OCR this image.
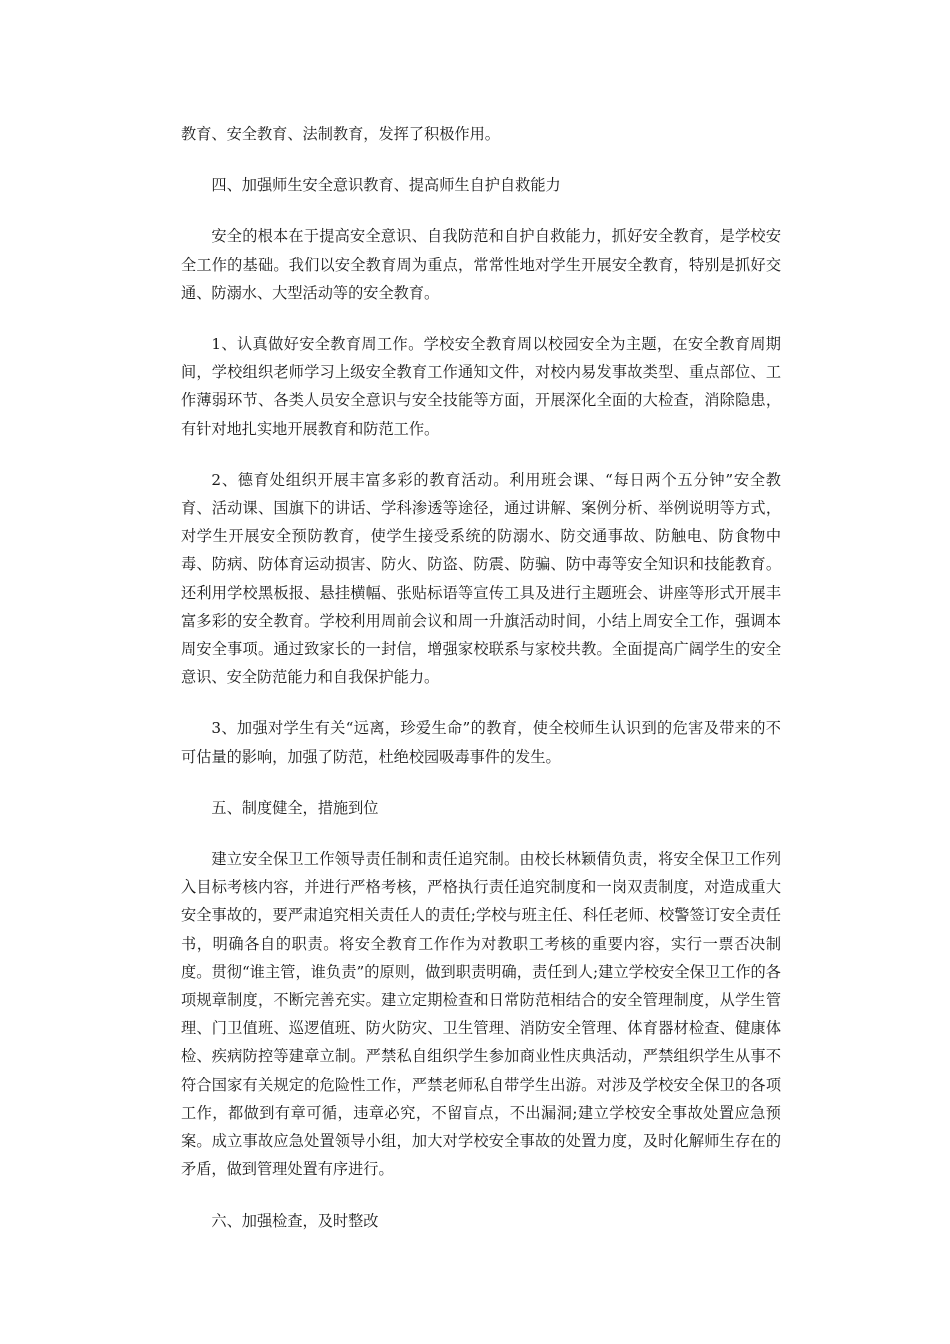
教育、安全教育、法制教育，发挥了积极作用。

四、加强师生安全意识教育、提高师生自护自救能力

安全的根本在于提高安全意识、自我防范和自护自救能力，抓好安全教育，是学校安全工作的基础。我们以安全教育周为重点，常常性地对学生开展安全教育，特别是抓好交通、防溺水、大型活动等的安全教育。

1、认真做好安全教育周工作。学校安全教育周以校园安全为主题，在安全教育周期间，学校组织老师学习上级安全教育工作通知文件，对校内易发事故类型、重点部位、工作薄弱环节、各类人员安全意识与安全技能等方面，开展深化全面的大检查，消除隐患，有针对地扎实地开展教育和防范工作。

2、德育处组织开展丰富多彩的教育活动。利用班会课、“每日两个五分钟”安全教育、活动课、国旗下的讲话、学科渗透等途径，通过讲解、案例分析、举例说明等方式，对学生开展安全预防教育，使学生接受系统的防溺水、防交通事故、防触电、防食物中毒、防病、防体育运动损害、防火、防盗、防震、防骗、防中毒等安全知识和技能教育。还利用学校黑板报、悬挂横幅、张贴标语等宣传工具及进行主题班会、讲座等形式开展丰富多彩的安全教育。学校利用周前会议和周一升旗活动时间，小结上周安全工作，强调本周安全事项。通过致家长的一封信，增强家校联系与家校共教。全面提高广阔学生的安全意识、安全防范能力和自我保护能力。

3、加强对学生有关“远离，珍爱生命”的教育，使全校师生认识到的危害及带来的不可估量的影响，加强了防范，杜绝校园吸毒事件的发生。

五、制度健全，措施到位

建立安全保卫工作领导责任制和责任追究制。由校长林颖倩负责，将安全保卫工作列入目标考核内容，并进行严格考核，严格执行责任追究制度和一岗双责制度，对造成重大安全事故的，要严肃追究相关责任人的责任;学校与班主任、科任老师、校警签订安全责任书，明确各自的职责。将安全教育工作作为对教职工考核的重要内容，实行一票否决制度。贯彻“谁主管，谁负责”的原则，做到职责明确，责任到人;建立学校安全保卫工作的各项规章制度，不断完善充实。建立定期检查和日常防范相结合的安全管理制度，从学生管理、门卫值班、巡逻值班、防火防灾、卫生管理、消防安全管理、体育器材检查、健康体检、疾病防控等建章立制。严禁私自组织学生参加商业性庆典活动，严禁组织学生从事不符合国家有关规定的危险性工作，严禁老师私自带学生出游。对涉及学校安全保卫的各项工作，都做到有章可循，违章必究，不留盲点，不出漏洞;建立学校安全事故处置应急预案。成立事故应急处置领导小组，加大对学校安全事故的处置力度，及时化解师生存在的矛盾，做到管理处置有序进行。

六、加强检查，及时整改
